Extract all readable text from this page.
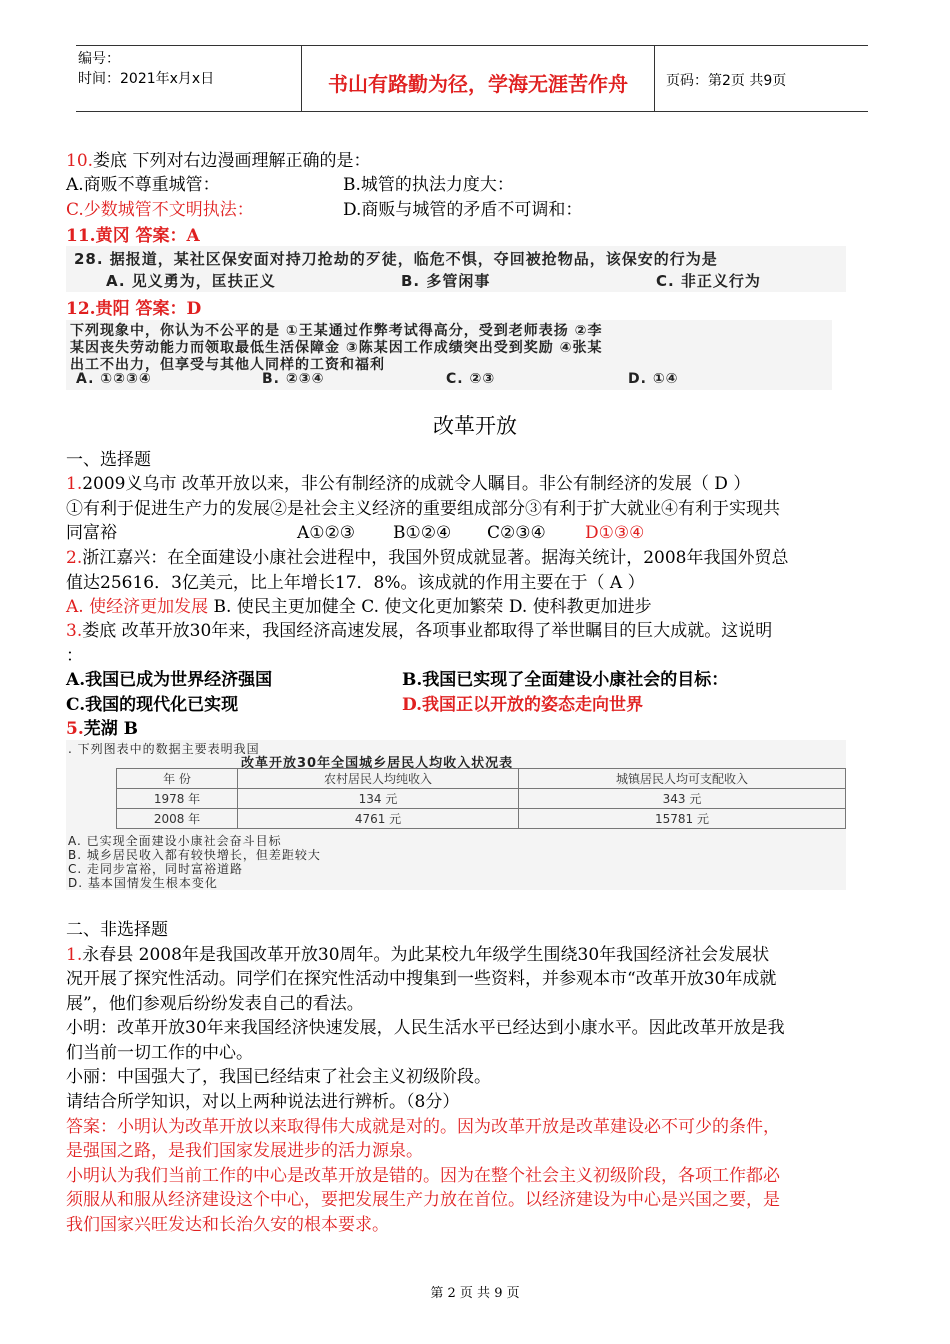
编号：
时间：2021年x月x日	书山有路勤为径，学海无涯苦作舟	页码：第2页 共9页
10.娄底 下列对右边漫画理解正确的是：
A.商贩不尊重城管：	B.城管的执法力度大：
C.少数城管不文明执法：	D.商贩与城管的矛盾不可调和：
11.黄冈 答案：A
28. 据报道，某社区保安面对持刀抢劫的歹徒，临危不惧，夺回被抢物品，该保安的行为是
A. 见义勇为，匡扶正义	B. 多管闲事	C. 非正义行为
12.贵阳 答案：D
下列现象中，你认为不公平的是 ①王某通过作弊考试得高分，受到老师表扬 ②李
某因丧失劳动能力而领取最低生活保障金 ③陈某因工作成绩突出受到奖励 ④张某
出工不出力，但享受与其他人同样的工资和福利
A. ①②③④	B. ②③④	C. ②③	D. ①④
改革开放
一、选择题
1.2009义乌市 改革开放以来，非公有制经济的成就令人瞩目。非公有制经济的发展（ D ）
①有利于促进生产力的发展②是社会主义经济的重要组成部分③有利于扩大就业④有利于实现共
同富裕	A①②③ B①②④ C②③④ D①③④
2.浙江嘉兴：在全面建设小康社会进程中，我国外贸成就显著。据海关统计，2008年我国外贸总
值达25616．3亿美元，比上年增长17．8%。该成就的作用主要在于（ A ）
A. 使经济更加发展 B. 使民主更加健全 C. 使文化更加繁荣 D. 使科教更加进步
3.娄底 改革开放30年来，我国经济高速发展，各项事业都取得了举世瞩目的巨大成就。这说明
：
A.我国已成为世界经济强国	B.我国已实现了全面建设小康社会的目标：
C.我国的现代化已实现	D.我国正以开放的姿态走向世界
5.芜湖 B
. 下列图表中的数据主要表明我国
改革开放30年全国城乡居民人均收入状况表
年 份	农村居民人均纯收入	城镇居民人均可支配收入
1978 年	134 元	343 元
2008 年	4761 元	15781 元
A. 已实现全面建设小康社会奋斗目标
B. 城乡居民收入都有较快增长，但差距较大
C. 走同步富裕，同时富裕道路
D. 基本国情发生根本变化
二、非选择题
1.永春县 2008年是我国改革开放30周年。为此某校九年级学生围绕30年我国经济社会发展状
况开展了探究性活动。同学们在探究性活动中搜集到一些资料，并参观本市“改革开放30年成就
展”，他们参观后纷纷发表自己的看法。
小明：改革开放30年来我国经济快速发展，人民生活水平已经达到小康水平。因此改革开放是我
们当前一切工作的中心。
小丽：中国强大了，我国已经结束了社会主义初级阶段。
请结合所学知识，对以上两种说法进行辨析。（8分）
答案：小明认为改革开放以来取得伟大成就是对的。因为改革开放是改革建设必不可少的条件，
是强国之路，是我们国家发展进步的活力源泉。
小明认为我们当前工作的中心是改革开放是错的。因为在整个社会主义初级阶段，各项工作都必
须服从和服从经济建设这个中心，要把发展生产力放在首位。以经济建设为中心是兴国之要，是
我们国家兴旺发达和长治久安的根本要求。
第 2 页 共 9 页
